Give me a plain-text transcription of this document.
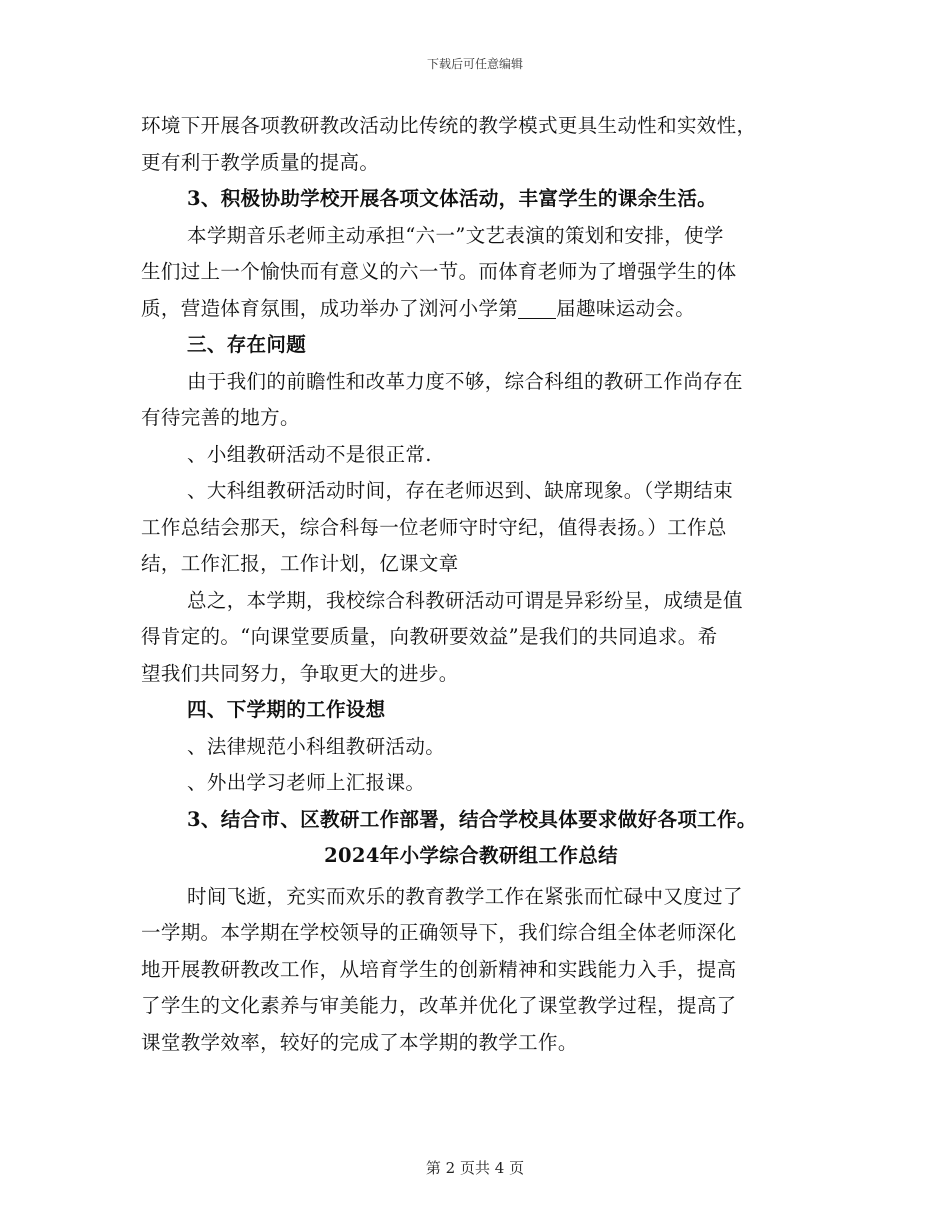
下载后可任意编辑
环境下开展各项教研教改活动比传统的教学模式更具生动性和实效性，
更有利于教学质量的提高。
3、积极协助学校开展各项文体活动，丰富学生的课余生活。
本学期音乐老师主动承担“六一”文艺表演的策划和安排，使学
生们过上一个愉快而有意义的六一节。而体育老师为了增强学生的体
质，营造体育氛围，成功举办了浏河小学第 届趣味运动会。
三、存在问题
由于我们的前瞻性和改革力度不够，综合科组的教研工作尚存在
有待完善的地方。
、小组教研活动不是很正常.
、大科组教研活动时间，存在老师迟到、缺席现象。（学期结束
工作总结会那天，综合科每一位老师守时守纪，值得表扬。）工作总
结，工作汇报，工作计划，亿课文章
总之，本学期，我校综合科教研活动可谓是异彩纷呈，成绩是值
得肯定的。“向课堂要质量，向教研要效益”是我们的共同追求。希
望我们共同努力，争取更大的进步。
四、下学期的工作设想
、法律规范小科组教研活动。
、外出学习老师上汇报课。
3、结合市、区教研工作部署，结合学校具体要求做好各项工作。
2024年小学综合教研组工作总结
时间飞逝，充实而欢乐的教育教学工作在紧张而忙碌中又度过了
一学期。本学期在学校领导的正确领导下，我们综合组全体老师深化
地开展教研教改工作，从培育学生的创新精神和实践能力入手，提高
了学生的文化素养与审美能力，改革并优化了课堂教学过程，提高了
课堂教学效率，较好的完成了本学期的教学工作。
第 2 页共 4 页
